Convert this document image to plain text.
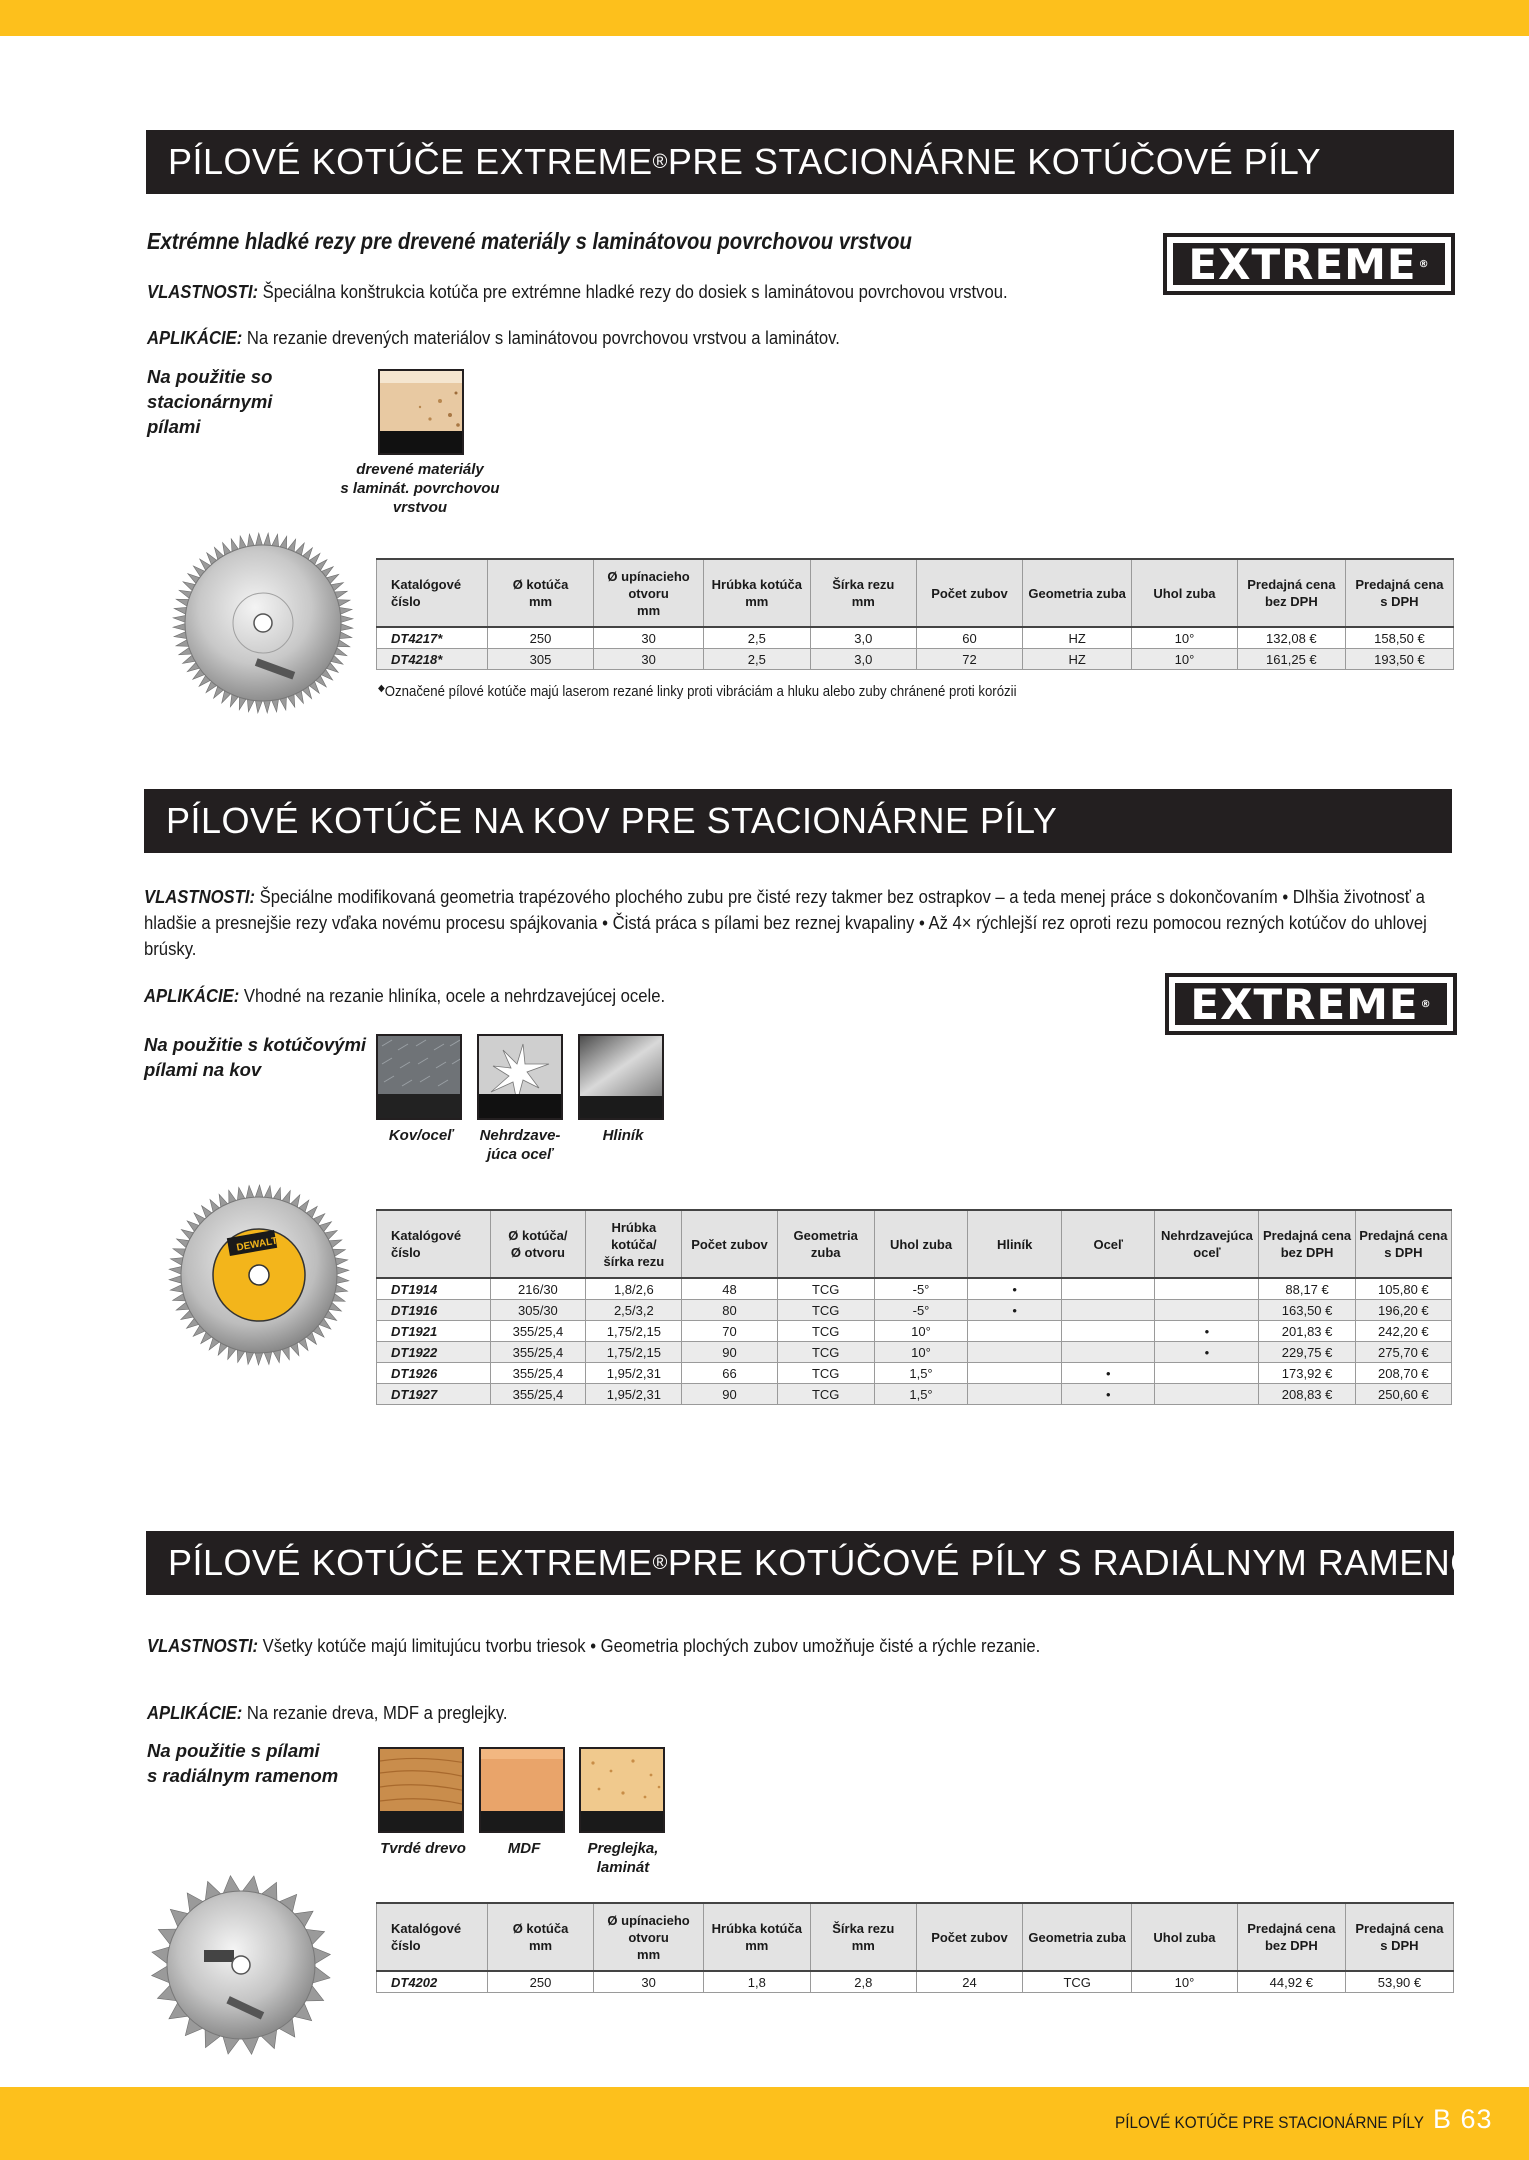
PÍLOVÉ KOTÚČE EXTREME ® PRE STACIONÁRNE KOTÚČOVÉ PÍLY
Extrémne hladké rezy pre drevené materiály s laminátovou povrchovou vrstvou
VLASTNOSTI: Špeciálna konštrukcia kotúča pre extrémne hladké rezy do dosiek s laminátovou povrchovou vrstvou.
APLIKÁCIE: Na rezanie drevených materiálov s laminátovou povrchovou vrstvou a laminátov.
Na použitie so
stacionárnymi
pílami
EXTREME ®
drevené materiály
s laminát. povrchovou
vrstvou
Katalógové
číslo	Ø kotúča
mm	Ø upínacieho
otvoru
mm	Hrúbka kotúča
mm	Šírka rezu
mm	Počet zubov	Geometria zuba	Uhol zuba	Predajná cena
bez DPH	Predajná cena
s DPH
DT4217*	250	30	2,5	3,0	60	HZ	10°	132,08 €	158,50 €
DT4218*	305	30	2,5	3,0	72	HZ	10°	161,25 €	193,50 €
◆Označené pílové kotúče majú laserom rezané linky proti vibráciám a hluku alebo zuby chránené proti korózii
PÍLOVÉ KOTÚČE NA KOV PRE STACIONÁRNE PÍLY
VLASTNOSTI: Špeciálne modifikovaná geometria trapézového plochého zubu pre čisté rezy takmer bez ostrapkov – a teda menej práce s dokončovaním • Dlhšia životnosť a hladšie a presnejšie rezy vďaka novému procesu spájkovania • Čistá práca s pílami bez reznej kvapaliny • Až 4× rýchlejší rez oproti rezu pomocou rezných kotúčov do uhlovej brúsky.
APLIKÁCIE: Vhodné na rezanie hliníka, ocele a nehrdzavejúcej ocele.
Na použitie s kotúčovými
pílami na kov
EXTREME ®
Kov/oceľ	Nehrdzave-
júca oceľ
Hliník
DEWALT
Katalógové
číslo	Ø kotúča/
Ø otvoru	Hrúbka
kotúča/
šírka rezu	Počet zubov	Geometria
zuba	Uhol zuba	Hliník	Oceľ	Nehrdzavejúca
oceľ	Predajná cena
bez DPH	Predajná cena
s DPH
DT1914	216/30	1,8/2,6	48	TCG	-5°	•			88,17 €	105,80 €
DT1916	305/30	2,5/3,2	80	TCG	-5°	•			163,50 €	196,20 €
DT1921	355/25,4	1,75/2,15	70	TCG	10°			•	201,83 €	242,20 €
DT1922	355/25,4	1,75/2,15	90	TCG	10°			•	229,75 €	275,70 €
DT1926	355/25,4	1,95/2,31	66	TCG	1,5°		•		173,92 €	208,70 €
DT1927	355/25,4	1,95/2,31	90	TCG	1,5°		•		208,83 €	250,60 €
PÍLOVÉ KOTÚČE EXTREME ® PRE KOTÚČOVÉ PÍLY S RADIÁLNYM RAMENOM
VLASTNOSTI: Všetky kotúče majú limitujúcu tvorbu triesok • Geometria plochých zubov umožňuje čisté a rýchle rezanie.
APLIKÁCIE: Na rezanie dreva, MDF a preglejky.
Na použitie s pílami
s radiálnym ramenom
Tvrdé drevo	MDF	Preglejka,
laminát
Katalógové
číslo	Ø kotúča
mm	Ø upínacieho
otvoru
mm	Hrúbka kotúča
mm	Šírka rezu
mm	Počet zubov	Geometria zuba	Uhol zuba	Predajná cena
bez DPH	Predajná cena
s DPH
DT4202	250	30	1,8	2,8	24	TCG	10°	44,92 €	53,90 €
PÍLOVÉ KOTÚČE PRE STACIONÁRNE PÍLY B 63
